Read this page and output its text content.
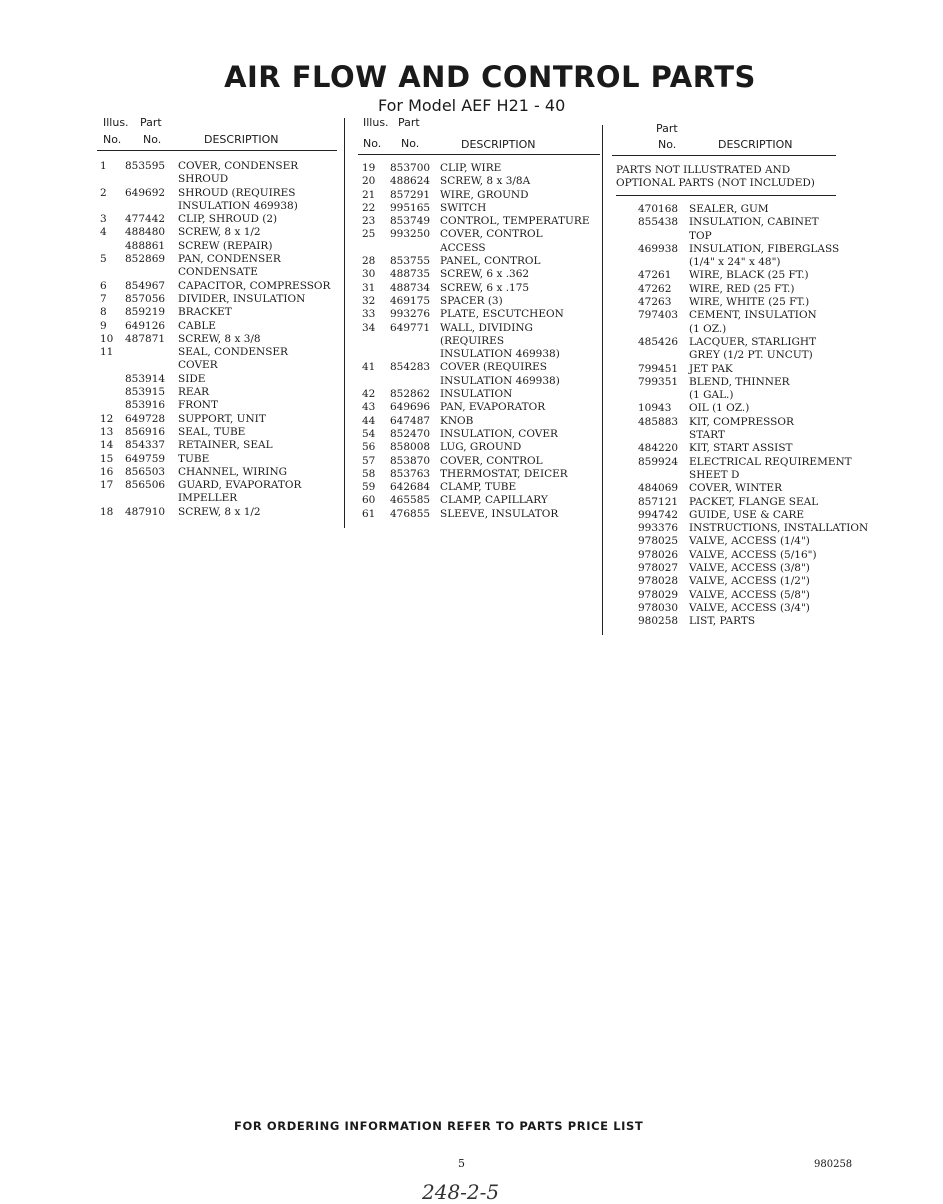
AIR FLOW AND CONTROL PARTS
For Model AEF H21 - 40
Illus. Part
No. No.	DESCRIPTION
Illus. Part
No. No.	DESCRIPTION
Part
No.	DESCRIPTION
1 853595 COVER, CONDENSER
SHROUD
2 649692 SHROUD (REQUIRES
INSULATION 469938)
3 477442 CLIP, SHROUD (2)
4 488480 SCREW, 8 x 1/2
488861 SCREW (REPAIR)
5 852869 PAN, CONDENSER
CONDENSATE
6 854967 CAPACITOR, COMPRESSOR
7 857056 DIVIDER, INSULATION
8 859219 BRACKET
9 649126 CABLE
10 487871 SCREW, 8 x 3/8
11	SEAL, CONDENSER
COVER
853914 SIDE
853915 REAR
853916 FRONT
12 649728 SUPPORT, UNIT
13 856916 SEAL, TUBE
14 854337 RETAINER, SEAL
15 649759 TUBE
16 856503 CHANNEL, WIRING
17 856506 GUARD, EVAPORATOR
IMPELLER
18 487910 SCREW, 8 x 1/2
19 853700 CLIP, WIRE
20 488624 SCREW, 8 x 3/8A
21 857291 WIRE, GROUND
22 995165 SWITCH
23 853749 CONTROL, TEMPERATURE
25 993250 COVER, CONTROL
ACCESS
28 853755 PANEL, CONTROL
30 488735 SCREW, 6 x .362
31 488734 SCREW, 6 x .175
32 469175 SPACER (3)
33 993276 PLATE, ESCUTCHEON
34 649771 WALL, DIVIDING
(REQUIRES
INSULATION 469938)
41 854283 COVER (REQUIRES
INSULATION 469938)
42 852862 INSULATION
43 649696 PAN, EVAPORATOR
44 647487 KNOB
54 852470 INSULATION, COVER
56 858008 LUG, GROUND
57 853870 COVER, CONTROL
58 853763 THERMOSTAT, DEICER
59 642684 CLAMP, TUBE
60 465585 CLAMP, CAPILLARY
61 476855 SLEEVE, INSULATOR
PARTS NOT ILLUSTRATED AND
OPTIONAL PARTS (NOT INCLUDED)
470168 SEALER, GUM
855438 INSULATION, CABINET
TOP
469938 INSULATION, FIBERGLASS
(1/4" x 24" x 48")
47261 WIRE, BLACK (25 FT.)
47262 WIRE, RED (25 FT.)
47263 WIRE, WHITE (25 FT.)
797403 CEMENT, INSULATION
(1 OZ.)
485426 LACQUER, STARLIGHT
GREY (1/2 PT. UNCUT)
799451 JET PAK
799351 BLEND, THINNER
(1 GAL.)
10943 OIL (1 OZ.)
485883 KIT, COMPRESSOR
START
484220 KIT, START ASSIST
859924 ELECTRICAL REQUIREMENT
SHEET D
484069 COVER, WINTER
857121 PACKET, FLANGE SEAL
994742 GUIDE, USE & CARE
993376 INSTRUCTIONS, INSTALLATION
978025 VALVE, ACCESS (1/4")
978026 VALVE, ACCESS (5/16")
978027 VALVE, ACCESS (3/8")
978028 VALVE, ACCESS (1/2")
978029 VALVE, ACCESS (5/8")
978030 VALVE, ACCESS (3/4")
980258 LIST, PARTS
FOR ORDERING INFORMATION REFER TO PARTS PRICE LIST
5	980258
248-2-5
